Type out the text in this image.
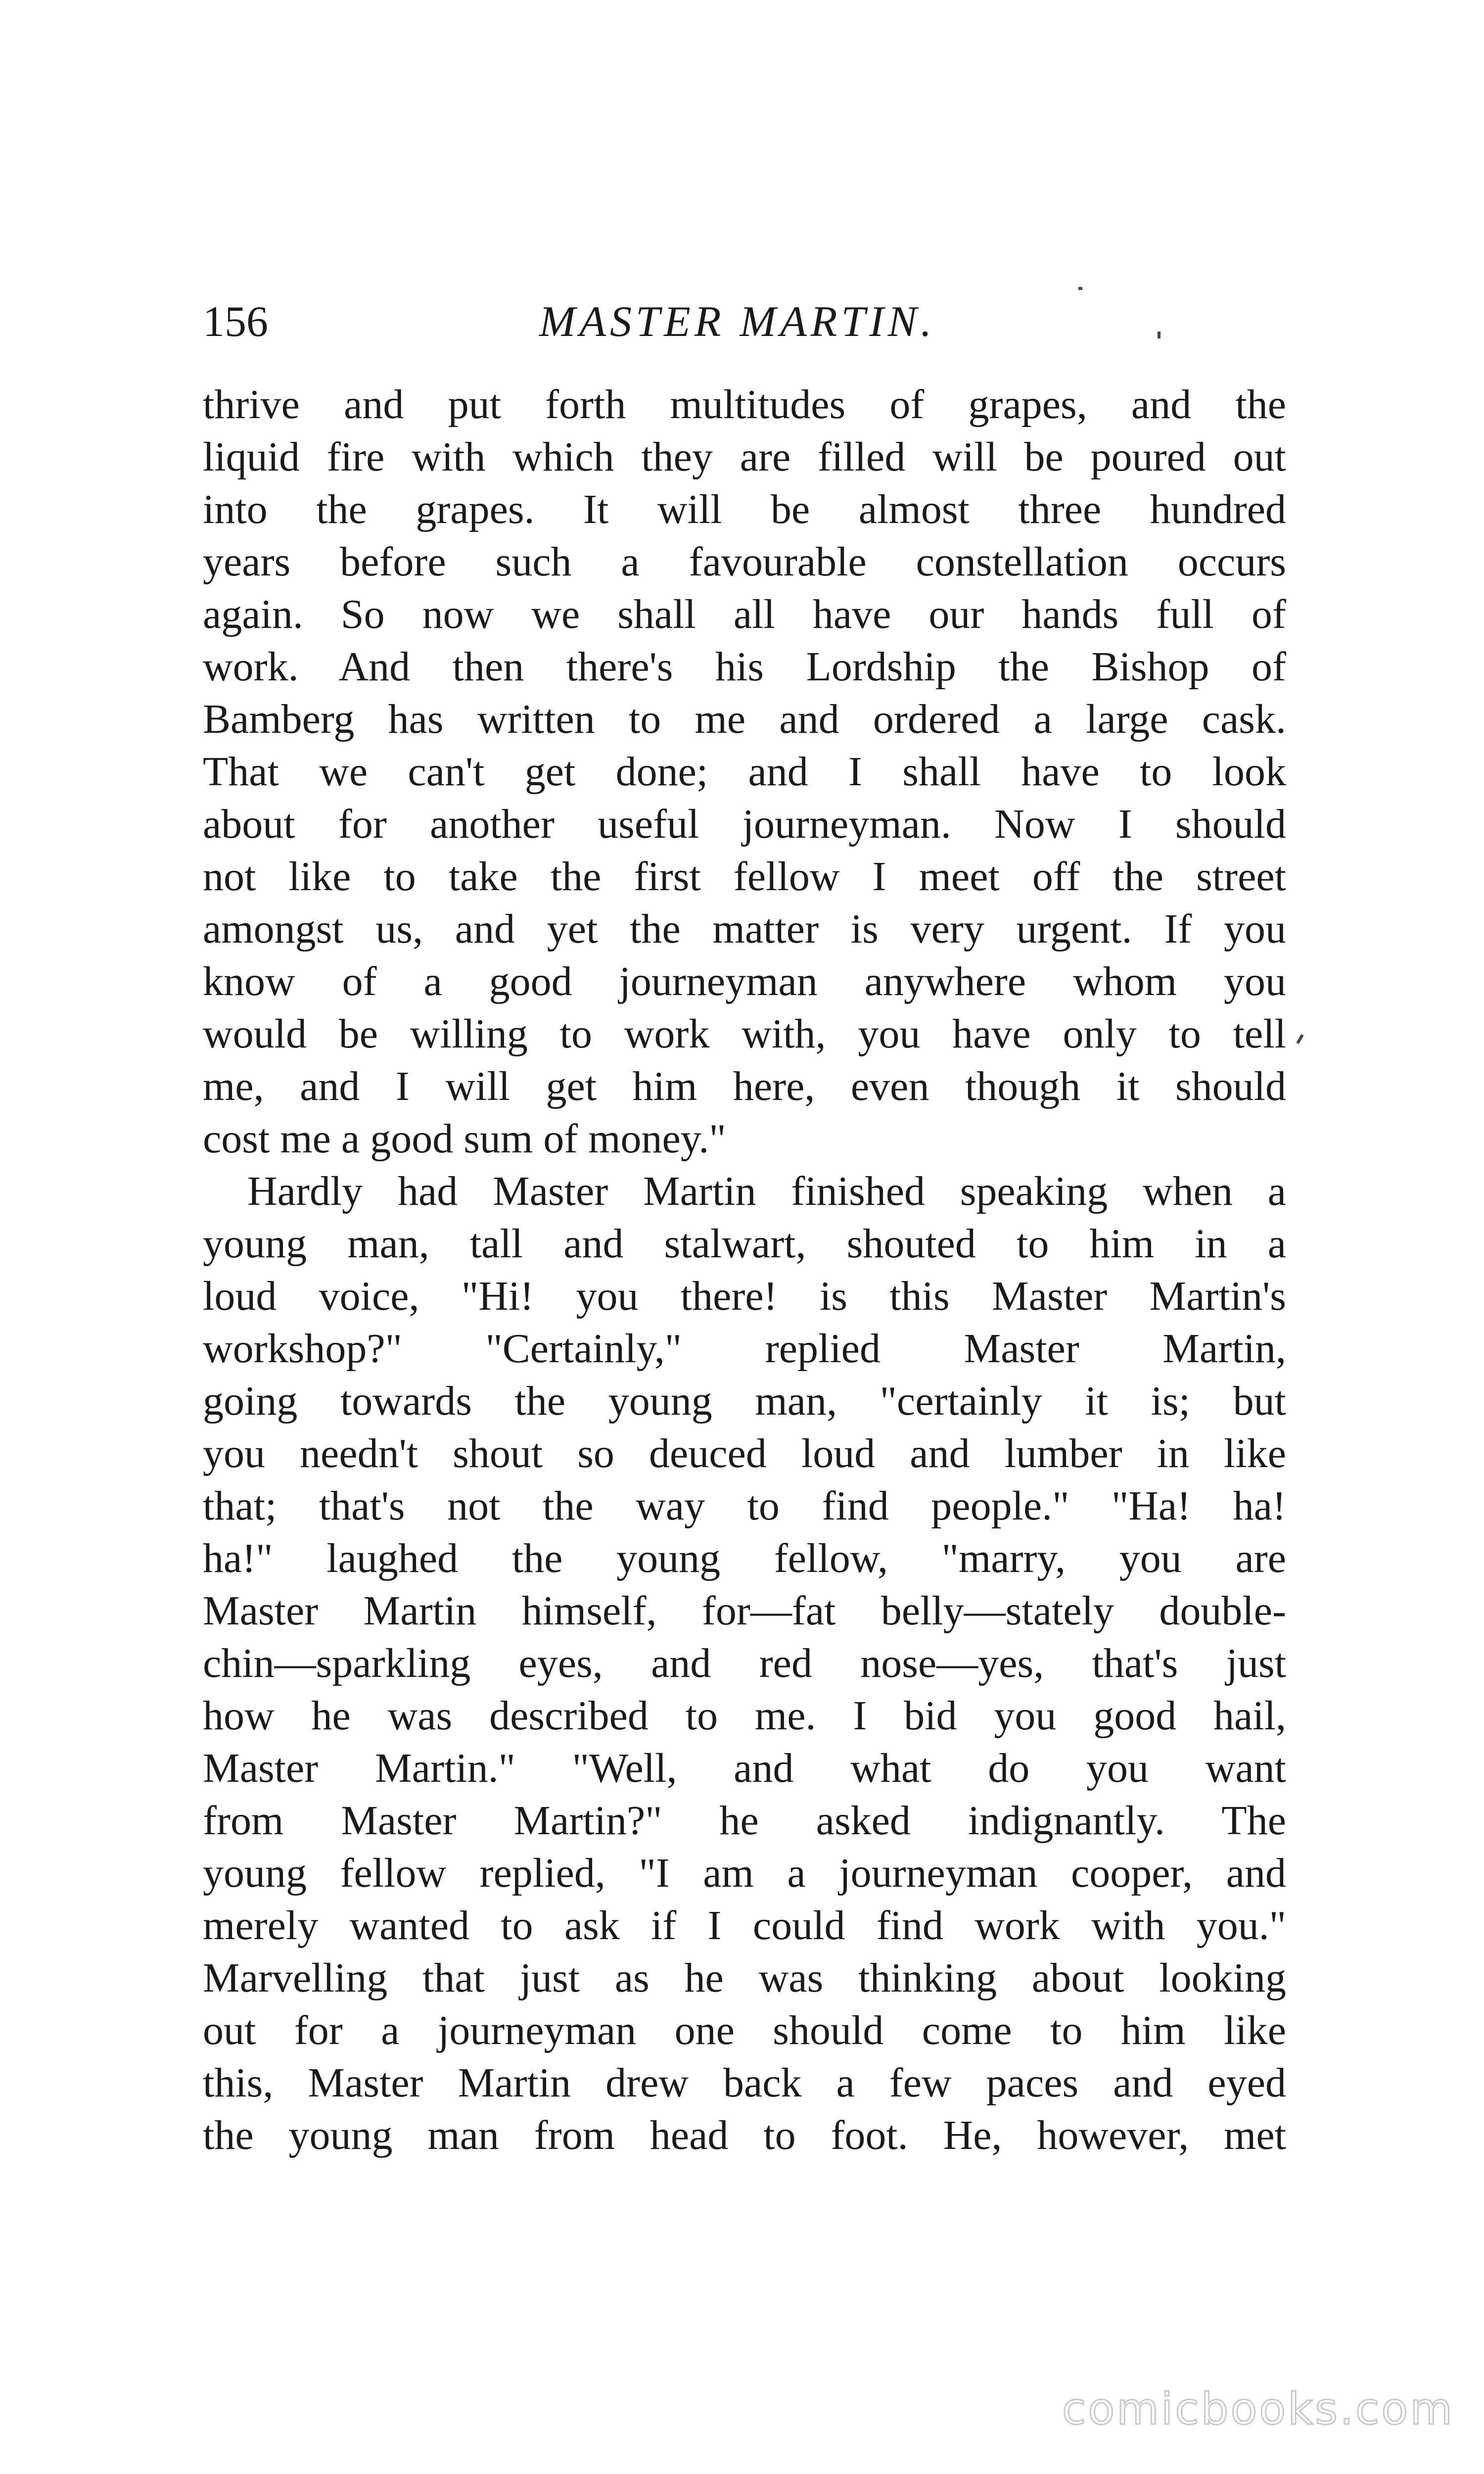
156	MASTER MARTIN.
thrive and put forth multitudes of grapes, and the
liquid fire with which they are filled will be poured out
into the grapes. It will be almost three hundred
years before such a favourable constellation occurs
again. So now we shall all have our hands full of
work. And then there's his Lordship the Bishop of
Bamberg has written to me and ordered a large cask.
That we can't get done; and I shall have to look
about for another useful journeyman. Now I should
not like to take the first fellow I meet off the street
amongst us, and yet the matter is very urgent. If you
know of a good journeyman anywhere whom you
would be willing to work with, you have only to tell
me, and I will get him here, even though it should
cost me a good sum of money."
Hardly had Master Martin finished speaking when a
young man, tall and stalwart, shouted to him in a
loud voice, "Hi! you there! is this Master Martin's
workshop?" "Certainly," replied Master Martin,
going towards the young man, "certainly it is; but
you needn't shout so deuced loud and lumber in like
that; that's not the way to find people." "Ha! ha!
ha!" laughed the young fellow, "marry, you are
Master Martin himself, for—fat belly—stately double-
chin—sparkling eyes, and red nose—yes, that's just
how he was described to me. I bid you good hail,
Master Martin." "Well, and what do you want
from Master Martin?" he asked indignantly. The
young fellow replied, "I am a journeyman cooper, and
merely wanted to ask if I could find work with you."
Marvelling that just as he was thinking about looking
out for a journeyman one should come to him like
this, Master Martin drew back a few paces and eyed
the young man from head to foot. He, however, met
comicbooks.com
